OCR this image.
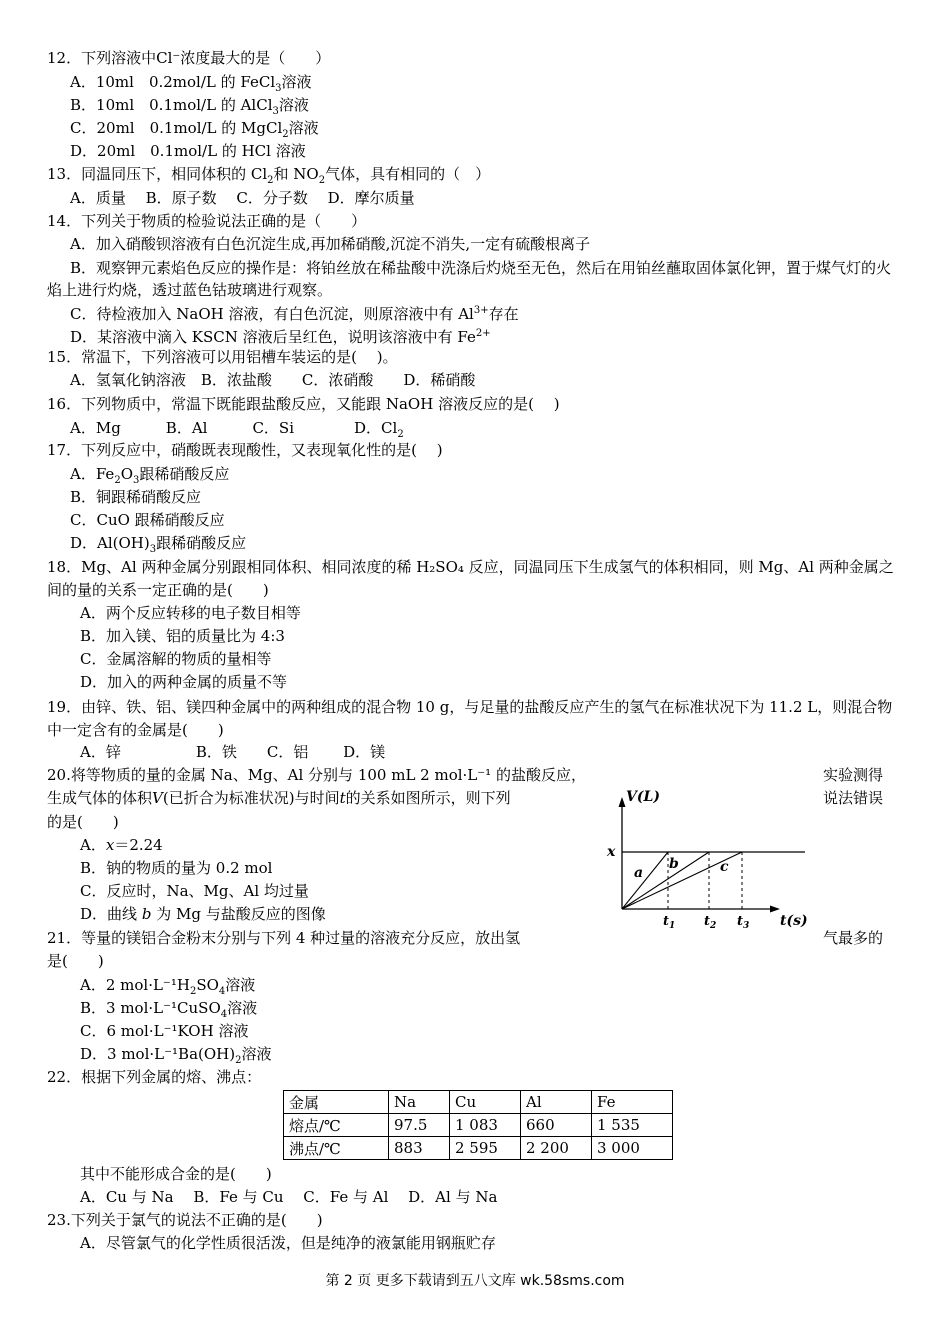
12．下列溶液中Cl⁻浓度最大的是（　　）
A．10ml　0.2mol/L 的 FeCl$_3$溶液
B．10ml　0.1mol/L 的 AlCl$_3$溶液
C．20ml　0.1mol/L 的 MgCl$_2$溶液
D．20ml　0.1mol/L 的 HCl 溶液
13．同温同压下，相同体积的 $Cl_2$和 $NO_2$气体，具有相同的（　）
A．质量　 B．原子数　 C．分子数　 D．摩尔质量
14．下列关于物质的检验说法正确的是（　　）
A．加入硝酸钡溶液有白色沉淀生成,再加稀硝酸,沉淀不消失,一定有硫酸根离子
B．观察钾元素焰色反应的操作是：将铂丝放在稀盐酸中洗涤后灼烧至无色，然后在用铂丝蘸取固体氯化钾，置于煤气灯的火焰上进行灼烧，透过蓝色钴玻璃进行观察。
C．待检液加入 NaOH 溶液，有白色沉淀，则原溶液中有 $Al^{3+}$存在
D．某溶液中滴入 KSCN 溶液后呈红色，说明该溶液中有 $Fe^{2+}$
15．常温下，下列溶液可以用铝槽车装运的是(　 )。
A．氢氧化钠溶液　B．浓盐酸　　C．浓硝酸　　D．稀硝酸
16．下列物质中，常温下既能跟盐酸反应，又能跟 NaOH 溶液反应的是(　 )
A．Mg　　　B．Al　　　C．Si　　　　D．$Cl_2$
17．下列反应中，硝酸既表现酸性，又表现氧化性的是(　 )
A．$Fe_2O_3$跟稀硝酸反应
B．铜跟稀硝酸反应
C．CuO 跟稀硝酸反应
D．$Al(OH)_3$跟稀硝酸反应
18．Mg、Al 两种金属分别跟相同体积、相同浓度的稀 H₂SO₄ 反应，同温同压下生成氢气的体积相同，则 Mg、Al 两种金属之间的量的关系一定正确的是(　　)
A．两个反应转移的电子数目相等
B．加入镁、铝的质量比为 4:3
C．金属溶解的物质的量相等
D．加入的两种金属的质量不等
19．由锌、铁、铝、镁四种金属中的两种组成的混合物 10 g，与足量的盐酸反应产生的氢气在标准状况下为 11.2 L，则混合物中一定含有的金属是(　　)
A．锌　　　　　B．铁　　C．铝　　 D．镁
20.将等物质的量的金属 Na、Mg、Al 分别与 100 mL 2 mol·L⁻¹ 的盐酸反应，	实验测得
生成气体的体积V(已折合为标准状况)与时间t的关系如图所示，则下列	说法错误
的是(　　)
A．x＝2.24
B．钠的物质的量为 0.2 mol
C．反应时，Na、Mg、Al 均过量
D．曲线 b 为 Mg 与盐酸反应的图像
V(L)
t(s)
x
a
b	c
$t_1$ $t_2$ $t_3$
21．等量的镁铝合金粉末分别与下列 4 种过量的溶液充分反应，放出氢	气最多的
是(　　)
A．2 $mol\cdot L^{-1}H_2SO_4$溶液
B．3 mol·L⁻¹CuSO$_4$溶液
C．6 mol·L⁻¹KOH 溶液
D．3 $mol\cdot L^{-1}Ba(OH)_2$溶液
22．根据下列金属的熔、沸点：
金属	Na	Cu	Al	Fe
熔点/℃	97.5	1 083	660	1 535
沸点/℃	883	2 595	2 200	3 000
其中不能形成合金的是(　　)
A．Cu 与 Na　 B．Fe 与 Cu　 C．Fe 与 Al　 D．Al 与 Na
23.下列关于氯气的说法不正确的是(　　)
A．尽管氯气的化学性质很活泼，但是纯净的液氯能用钢瓶贮存
第 2 页 更多下载请到五八文库 wk.58sms.com
